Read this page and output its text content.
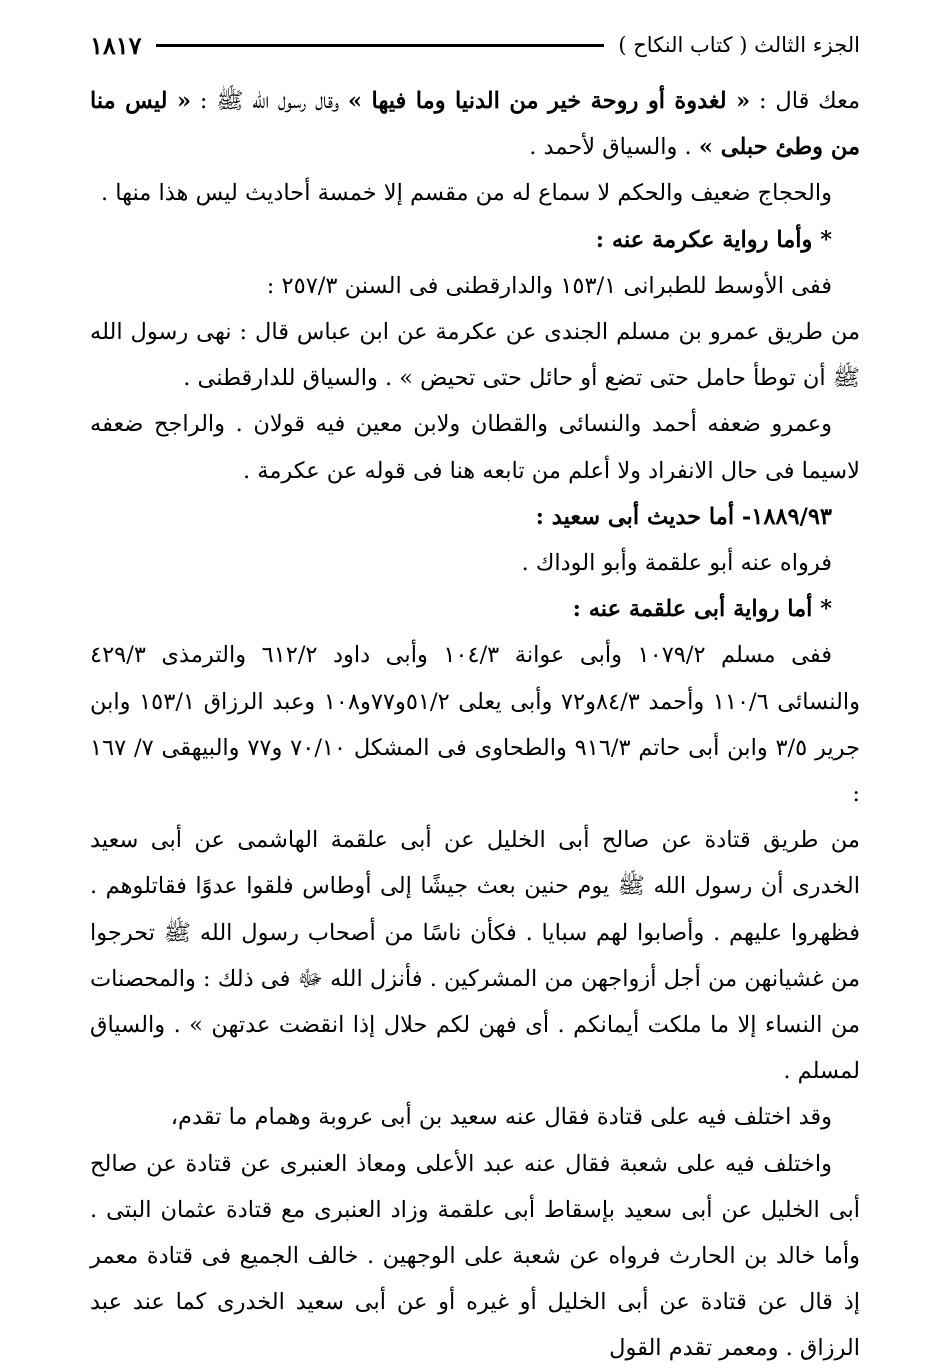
الجزء الثالث ( كتاب النكاح )
١٨١٧

معك قال : « لغدوة أو روحة خير من الدنيا وما فيها » وقال رسول الله ﷺ : « ليس منا من وطئ حبلى » . والسياق لأحمد .

والحجاج ضعيف والحكم لا سماع له من مقسم إلا خمسة أحاديث ليس هذا منها .

* وأما رواية عكرمة عنه :

ففى الأوسط للطبرانى ١٥٣/١ والدارقطنى فى السنن ٢٥٧/٣ :

من طريق عمرو بن مسلم الجندى عن عكرمة عن ابن عباس قال : نهى رسول الله ﷺ أن توطأ حامل حتى تضع أو حائل حتى تحيض » . والسياق للدارقطنى .

وعمرو ضعفه أحمد والنسائى والقطان ولابن معين فيه قولان . والراجح ضعفه لاسيما فى حال الانفراد ولا أعلم من تابعه هنا فى قوله عن عكرمة .

١٨٨٩/٩٣- أما حديث أبى سعيد :

فرواه عنه أبو علقمة وأبو الوداك .

* أما رواية أبى علقمة عنه :

ففى مسلم ١٠٧٩/٢ وأبى عوانة ١٠٤/٣ وأبى داود ٦١٢/٢ والترمذى ٤٢٩/٣ والنسائى ١١٠/٦ وأحمد ٨٤/٣و٧٢ وأبى يعلى ٥١/٢و٧٧و١٠٨ وعبد الرزاق ١٥٣/١ وابن جرير ٣/٥ وابن أبى حاتم ٩١٦/٣ والطحاوى فى المشكل ٧٠/١٠ و٧٧ والبيهقى ٧/ ١٦٧ :

من طريق قتادة عن صالح أبى الخليل عن أبى علقمة الهاشمى عن أبى سعيد الخدرى أن رسول الله ﷺ يوم حنين بعث جيشًا إلى أوطاس فلقوا عدوًا فقاتلوهم . فظهروا عليهم . وأصابوا لهم سبايا . فكأن ناسًا من أصحاب رسول الله ﷺ تحرجوا من غشيانهن من أجل أزواجهن من المشركين . فأنزل الله ﷻ فى ذلك : والمحصنات من النساء إلا ما ملكت أيمانكم . أى فهن لكم حلال إذا انقضت عدتهن » . والسياق لمسلم .

وقد اختلف فيه على قتادة فقال عنه سعيد بن أبى عروبة وهمام ما تقدم،

واختلف فيه على شعبة فقال عنه عبد الأعلى ومعاذ العنبرى عن قتادة عن صالح أبى الخليل عن أبى سعيد بإسقاط أبى علقمة وزاد العنبرى مع قتادة عثمان البتى . وأما خالد بن الحارث فرواه عن شعبة على الوجهين . خالف الجميع فى قتادة معمر إذ قال عن قتادة عن أبى الخليل أو غيره أو عن أبى سعيد الخدرى كما عند عبد الرزاق . ومعمر تقدم القول
